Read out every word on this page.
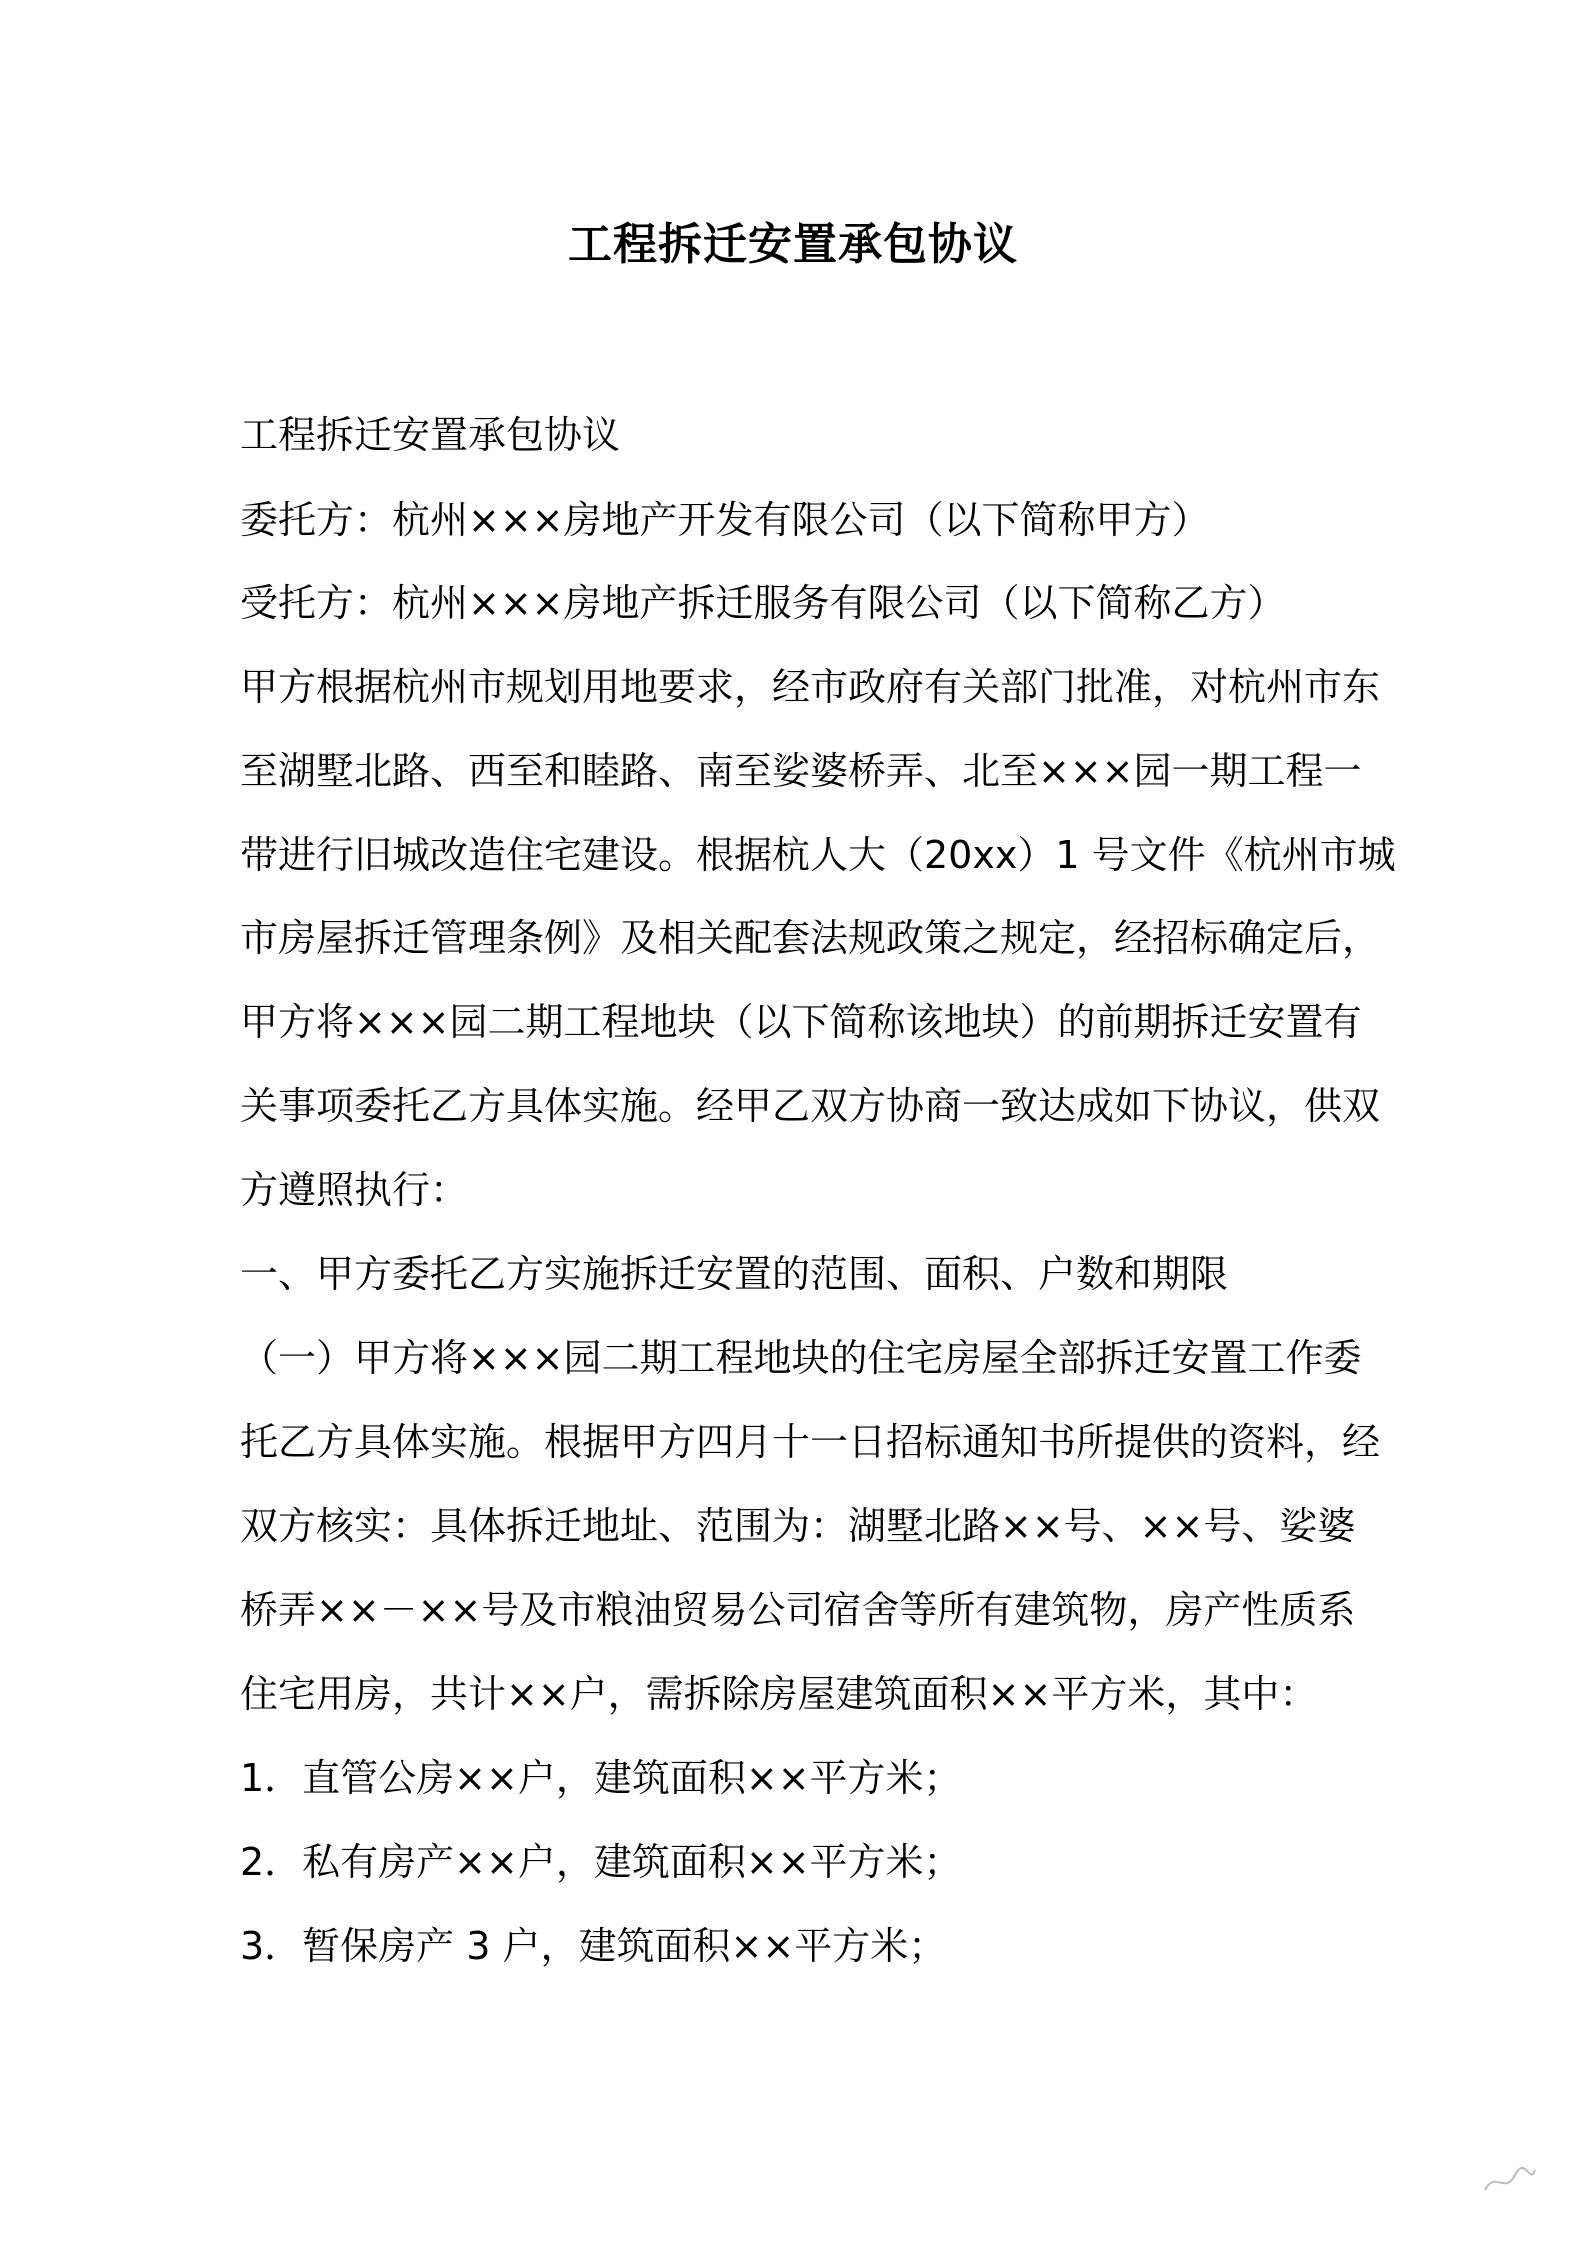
工程拆迁安置承包协议
工程拆迁安置承包协议
委托方：杭州×××房地产开发有限公司（以下简称甲方）
受托方：杭州×××房地产拆迁服务有限公司（以下简称乙方）
甲方根据杭州市规划用地要求，经市政府有关部门批准，对杭州市东
至湖墅北路、西至和睦路、南至娑婆桥弄、北至×××园一期工程一
带进行旧城改造住宅建设。根据杭人大（20xx）1 号文件《杭州市城
市房屋拆迁管理条例》及相关配套法规政策之规定，经招标确定后，
甲方将×××园二期工程地块（以下简称该地块）的前期拆迁安置有
关事项委托乙方具体实施。经甲乙双方协商一致达成如下协议，供双
方遵照执行：
一、甲方委托乙方实施拆迁安置的范围、面积、户数和期限
（一）甲方将×××园二期工程地块的住宅房屋全部拆迁安置工作委
托乙方具体实施。根据甲方四月十一日招标通知书所提供的资料，经
双方核实：具体拆迁地址、范围为：湖墅北路××号、××号、娑婆
桥弄××－××号及市粮油贸易公司宿舍等所有建筑物，房产性质系
住宅用房，共计××户，需拆除房屋建筑面积××平方米，其中：
1．直管公房××户，建筑面积××平方米；
2．私有房产××户，建筑面积××平方米；
3．暂保房产 3 户，建筑面积××平方米；
